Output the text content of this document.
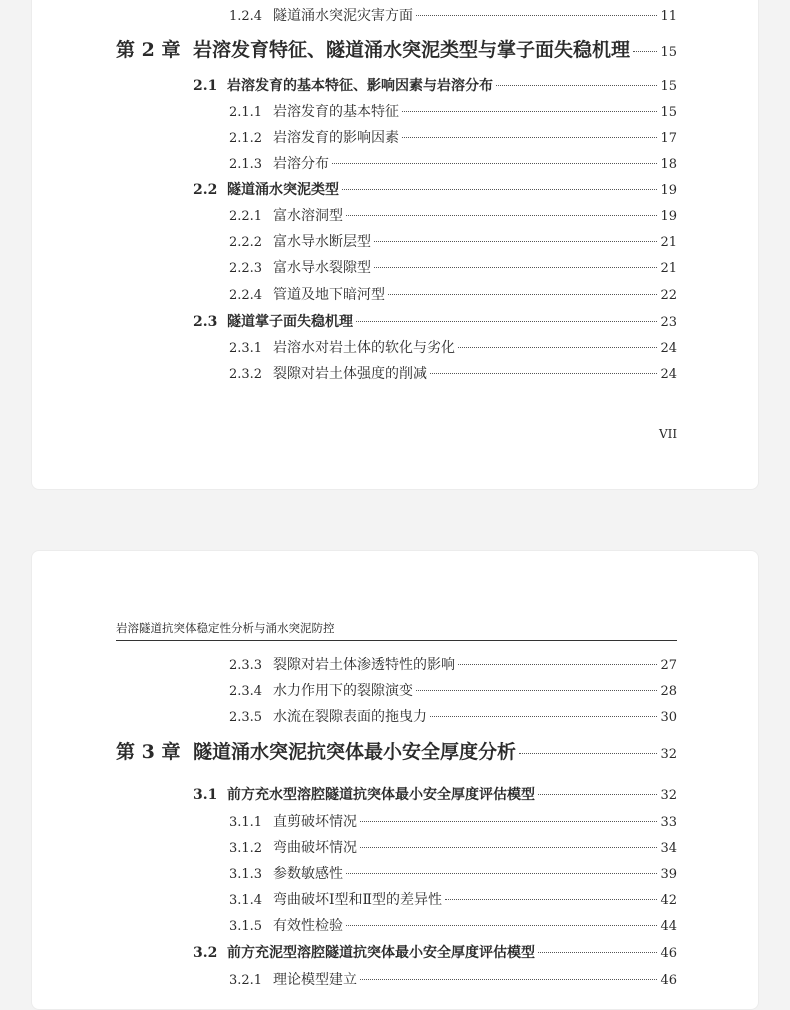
1.2.4 隧道涌水突泥灾害方面	11
第 2 章 岩溶发育特征、隧道涌水突泥类型与掌子面失稳机理 15
2.1 岩溶发育的基本特征、影响因素与岩溶分布	15
2.1.1 岩溶发育的基本特征	15
2.1.2 岩溶发育的影响因素	17
2.1.3 岩溶分布	18
2.2 隧道涌水突泥类型	19
2.2.1 富水溶洞型	19
2.2.2 富水导水断层型	21
2.2.3 富水导水裂隙型	21
2.2.4 管道及地下暗河型	22
2.3 隧道掌子面失稳机理	23
2.3.1 岩溶水对岩土体的软化与劣化	24
2.3.2 裂隙对岩土体强度的削减	24
VII
岩溶隧道抗突体稳定性分析与涌水突泥防控
2.3.3 裂隙对岩土体渗透特性的影响	27
2.3.4 水力作用下的裂隙演变	28
2.3.5 水流在裂隙表面的拖曳力	30
第 3 章 隧道涌水突泥抗突体最小安全厚度分析	32
3.1 前方充水型溶腔隧道抗突体最小安全厚度评估模型	32
3.1.1 直剪破坏情况	33
3.1.2 弯曲破坏情况	34
3.1.3 参数敏感性	39
3.1.4 弯曲破坏Ⅰ型和Ⅱ型的差异性	42
3.1.5 有效性检验	44
3.2 前方充泥型溶腔隧道抗突体最小安全厚度评估模型	46
3.2.1 理论模型建立	46
